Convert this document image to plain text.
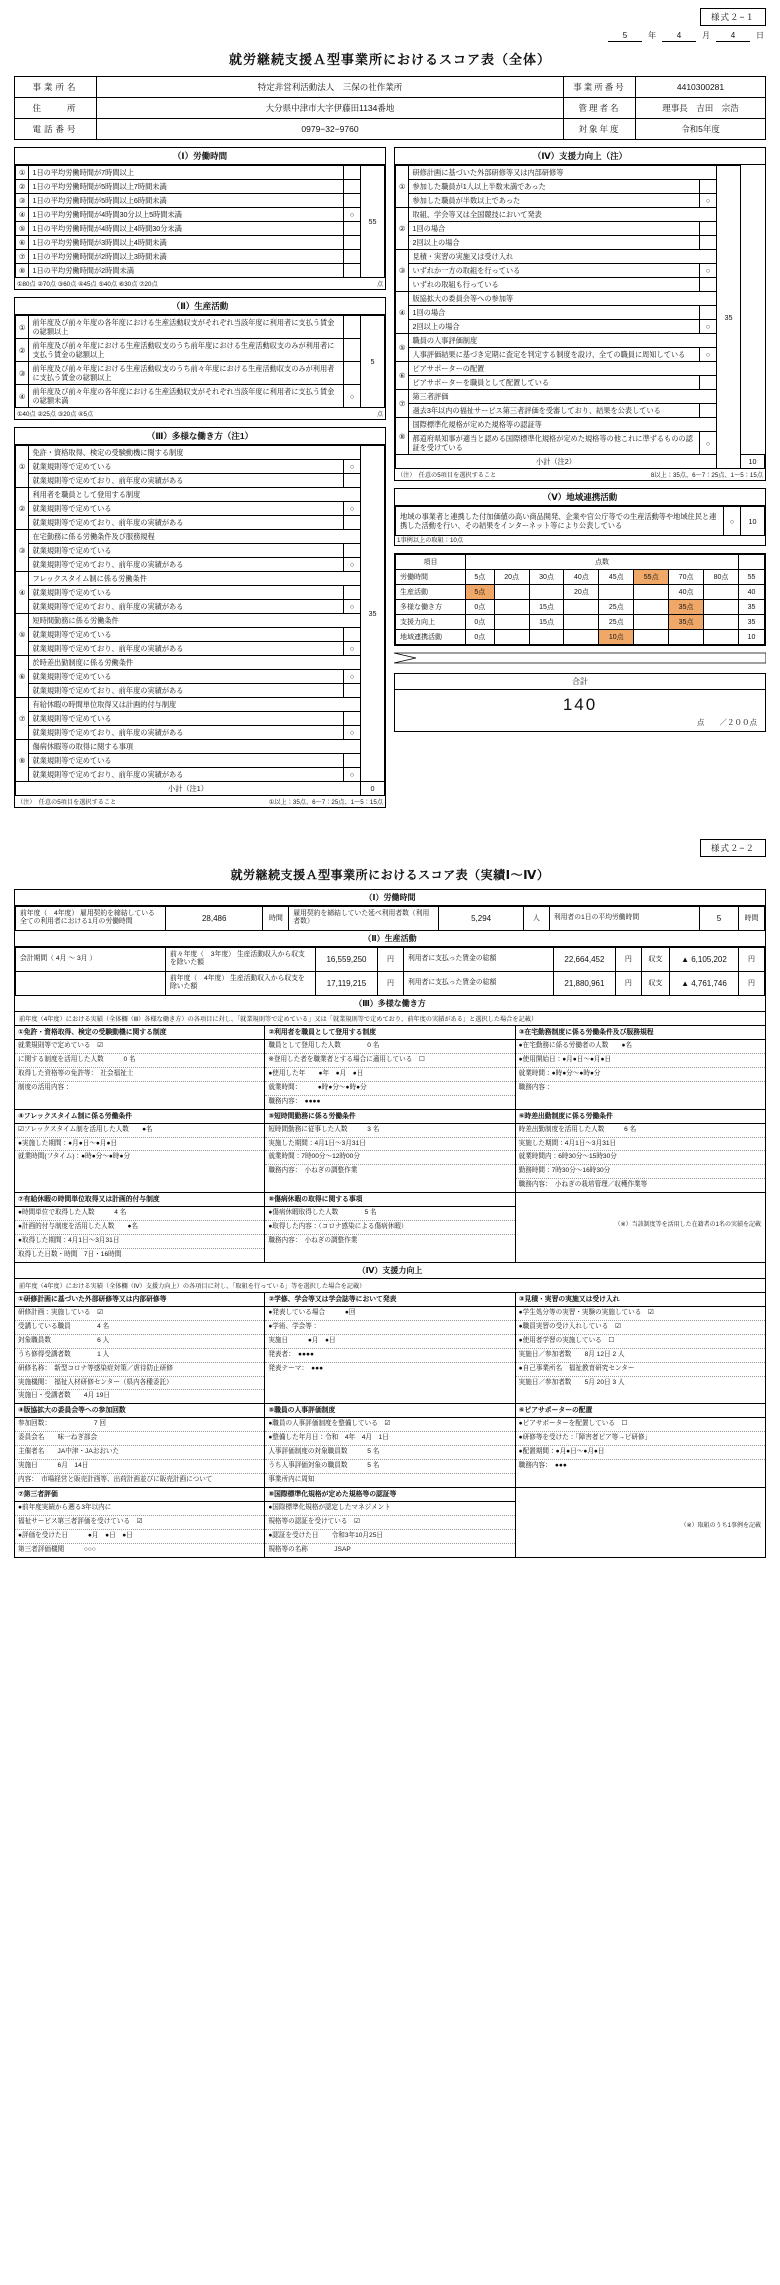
様式２−１
5	年	4	月	4	日
就労継続支援Ａ型事業所におけるスコア表（全体）
事業所名	特定非営利活動法人　三保の社作業所	事業所番号	4410300281
住　　所	大分県中津市大字伊藤田1134番地	管理者名	理事長　吉田　宗浩
電話番号	0979−32−9760	対象年度	令和5年度
（Ⅰ）労働時間
①	1日の平均労働時間が7時間以上		55
②	1日の平均労働時間が5時間以上7時間未満		
③	1日の平均労働時間が5時間以上6時間未満		
④	1日の平均労働時間が4時間30分以上5時間未満	○	
⑤	1日の平均労働時間が4時間以上4時間30分未満		
⑥	1日の平均労働時間が3時間以上4時間未満		
⑦	1日の平均労働時間が2時間以上3時間未満		
⑧	1日の平均労働時間が2時間未満		
①80点 ②70点 ③60点 ④45点 ⑤40点 ⑥30点 ⑦20点	点
（Ⅱ）生産活動
①	前年度及び前々年度の各年度における生産活動収支がそれぞれ当該年度に利用者に支払う賃金の総額以上		5
②	前年度及び前々年度における生産活動収支のうち前年度における生産活動収支のみが利用者に支払う賃金の総額以上		
③	前年度及び前々年度における生産活動収支のうち前々年度における生産活動収支のみが利用者に支払う賃金の総額以上		
④	前年度及び前々年度の各年度における生産活動収支がそれぞれ当該年度に利用者に支払う賃金の総額未満	○	
①40点 ②25点 ③20点 ④5点	点
（Ⅲ）多様な働き方（注1）
①	免許・資格取得、検定の受験動機に関する制度		35
	就業規則等で定めている	○	
	就業規則等で定めており、前年度の実績がある		
②	利用者を職員として登用する制度		
	就業規則等で定めている	○	
	就業規則等で定めており、前年度の実績がある		
③	在宅勤務に係る労働条件及び服務規程		
	就業規則等で定めている		
	就業規則等で定めており、前年度の実績がある	○	
④	フレックスタイム制に係る労働条件		
	就業規則等で定めている		
	就業規則等で定めており、前年度の実績がある	○	
⑤	短時間勤務に係る労働条件		
	就業規則等で定めている		
	就業規則等で定めており、前年度の実績がある	○	
⑥	於時差出勤制度に係る労働条件		
	就業規則等で定めている	○	
	就業規則等で定めており、前年度の実績がある		
⑦	有給休暇の時間単位取得又は計画的付与制度		
	就業規則等で定めている		
	就業規則等で定めており、前年度の実績がある	○	
⑧	傷病休暇等の取得に関する事項		
	就業規則等で定めている		
	就業規則等で定めており、前年度の実績がある	○	
小計（注1）			0
（注）　任意の5項目を選択すること	①以上：35点、6〜7：25点、1〜5：15点
（Ⅳ）支援力向上（注）
①	研修計画に基づいた外部研修等又は内部研修等		35	
	参加した職員が1人以上半数未満であった			
	参加した職員が半数以上であった	○		
②	取組、学会等又は全国競技において発表			
	1回の場合			
	2回以上の場合			
③	見積・実習の実施又は受け入れ			
	いずれか一方の取組を行っている	○		
	いずれの取組も行っている			
④	版協拡大の委員会等への参加等			
	1回の場合			
	2回以上の場合	○		
⑤	職員の人事評価制度			
	人事評価結果に基づき定期に査定を判定する制度を設け、全ての職員に周知している	○		
⑥	ピアサポーターの配置			
	ピアサポーターを職員として配置している			
⑦	第三者評価			
	過去3年以内の福祉サービス第三者評価を受審しており、結果を公表している			
⑧	国際標準化規格が定めた規格等の認証等			
	都道府県知事が適当と認める国際標準化規格が定めた規格等の他これに準ずるものの認証を受けている	○		
小計（注2）				10
（注）　任意の5項目を選択すること	8以上：35点、6〜7：25点、1〜5：15点
（Ⅴ）地域連携活動
地域の事業者と連携した付加価値の高い商品開発、企業や官公庁等での生産活動等や地域住民と連携した活動を行い、その結果をインターネット等により公表している	○	10
1事例以上の取組：10点
項目	点数								
労働時間	5点	20点	30点	40点	45点	55点	70点	80点	55
生産活動	5点			20点			40点		40
多様な働き方	0点		15点		25点		35点		35
支援力向上	0点		15点		25点		35点		35
地域連携活動	0点				10点				10
合計
140
点　　／２００点
様式２−２
就労継続支援Ａ型事業所におけるスコア表（実績Ⅰ〜Ⅳ）
（Ⅰ）労働時間
前年度（　4年度） 雇用契約を締結している全ての利用者における1月の労働時間	28,486	時間	雇用契約を締結していた延べ利用者数（利用者数）	5,294	人	利用者の1日の平均労働時間	5	時間
（Ⅱ）生産活動
会計期間（ 4月 〜 3月 ）	前々年度（　3年度） 生産活動収入から収支を除いた額	16,559,250	円	利用者に支払った賃金の総額	22,664,452	円	収支	▲ 6,105,202	円
	前年度（　4年度） 生産活動収入から収支を除いた額	17,119,215	円	利用者に支払った賃金の総額	21,880,961	円	収支	▲ 4,761,746	円
（Ⅲ）多様な働き方
前年度（4年度）における実績（全体欄（Ⅲ）各様な働き方）の各項目に対し、「就業規則等で定めている」又は「就業規則等で定めており、前年度の実績がある」と選択した場合を記載）
①免許・資格取得、検定の受験動機に関する制度
就業規則等で定めている　☑
に関する制度を活用した人数　　　0 名
取得した資格等の免許等：　社会福祉士
制度の活用内容：
②利用者を職員として登用する制度
職員として登用した人数　　　　0 名
※登用した者を職業者とする場合に適用している　☐
●使用した年　　●年　●月　●日
就業時間：　　　●時●分〜●時●分
職務内容：　●●●●
③在宅勤務制度に係る労働条件及び服務規程
●在宅勤務に係る労働者の人数　　●名
●使用開始日：●月●日〜●月●日
就業時間：●時●分〜●時●分
職務内容：
④フレックスタイム制に係る労働条件
☑フレックスタイム制を活用した人数　　●名
●実施した期間：●月●日〜●月●日
就業時間(フタイム)：●時●分〜●時●分
⑤短時間勤務に係る労働条件
短時間勤務に従事した人数　　　3 名
実施した期間：4月1日〜3月31日
就業時間：7時00分〜12時00分
職務内容：　小ねぎの調整作業
⑥時差出勤制度に係る労働条件
時差出勤制度を活用した人数　　　6 名
実施した期間：4月1日〜3月31日
就業時間内：6時30分〜15時30分
勤務時間：7時30分〜16時30分
職務内容：　小ねぎの栽培管理／収穫作業等
⑦有給休暇の時間単位取得又は計画的付与制度
●時間単位で取得した人数　　　4 名
●計画的付与制度を活用した人数　　●名
●取得した期間：4月1日〜3月31日
取得した日数・時間　7日・16時間
⑧傷病休暇の取得に関する事項
●傷病休暇取得した人数　　　　5 名
●取得した内容：（コロナ感染による傷病休暇）
職務内容：　小ねぎの調整作業
（※）当該制度等を活用した在籍者の1名の実績を記載
（Ⅳ）支援力向上
前年度（4年度）における実績（全体欄（Ⅳ）支援力向上）の各項目に対し、「取組を行っている」等を選択した場合を記載）
①研修計画に基づいた外部研修等又は内部研修等
研修計画：実施している　☑
受講している職員　　　　4 名
対象職員数　　　　　　　6 人
うち修得受講者数　　　　1 人
研修名称：　新型コロナ等感染症対策／虐待防止研修
実施機関：　福祉人材研修センター（県内各種委託）
実施日・受講者数　　4月 19日
②学修、学会等又は学会誌等において発表
●発表している場合　　　●回
●学術、学会等：
実施日　　　●月　●日
発表者：　●●●●
発表テーマ：　●●●
③見積・実習の実施又は受け入れ
●学生処分等の実習・実験の実施している　☑
●職員実習の受け入れしている　☑
●使用者学習の実施している　☐
実施日／参加者数　　8月 12日 2 人
●自己事業所名　福祉教育研究センター
実施日／参加者数　　5月 20日 3 人
④版協拡大の委員会等への参加回数
参加回数：　　　　　　　7 回
委員会名　　味一ねぎ部会
主催者名　　JA中津・JAおおいた
実施日　　　6月　14日
内容：　市場経営と販売計画等、出荷計画並びに販売計画について
⑤職員の人事評価制度
●職員の人事評価制度を整備している　☑
●整備した年月日：令和　4年　4月　1日
人事評価制度の対象職員数　　　5 名
うち人事評価対象の職員数　　　5 名
事業所内に周知
⑥ピアサポーターの配置
●ピアサポーターを配置している　☐
●研修等を受けた：「障害者ピア等→ピ研修」
●配置期間：●月●日〜●月●日
職務内容：　●●●
⑦第三者評価
●前年度実績から遡る3年以内に
福祉サービス第三者評価を受けている　☑
●評価を受けた日　　　●月　●日　●日
第三者評価機関　　　○○○
⑧国際標準化規格が定めた規格等の認証等
●国際標準化規格が認定したマネジメント
規格等の認証を受けている　☑
●認証を受けた日　　令和3年10月25日
規格等の名称　　　　JSAP
（※）取組のうち1事例を記載
